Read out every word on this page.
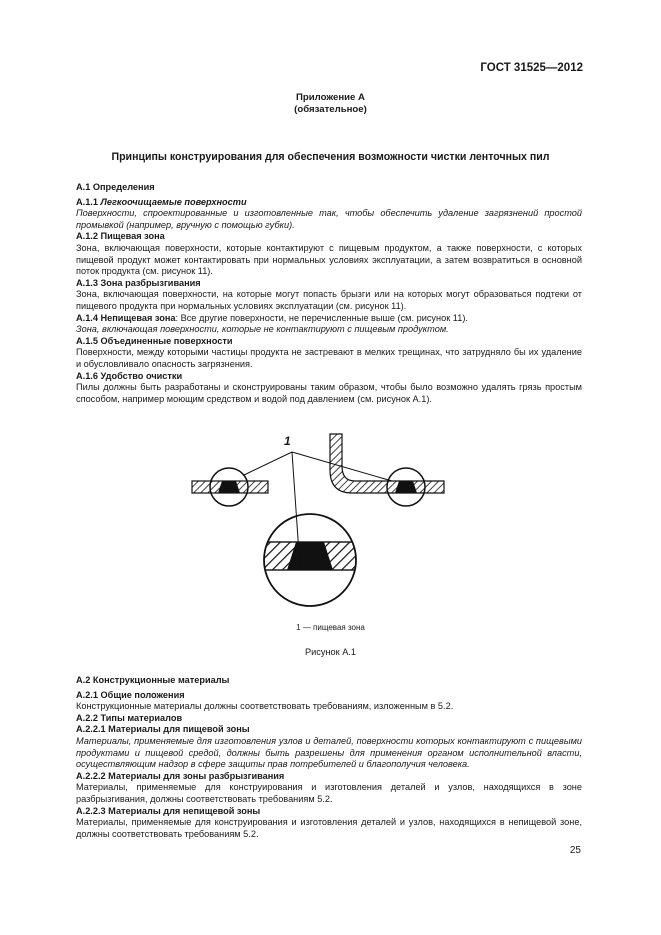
ГОСТ 31525—2012
Приложение А
(обязательное)
Принципы конструирования для обеспечения возможности чистки ленточных пил
А.1 Определения
А.1.1 Легкоочищаемые поверхности
Поверхности, спроектированные и изготовленные так, чтобы обеспечить удаление загрязнений простой промывкой (например, вручную с помощью губки).
А.1.2 Пищевая зона
Зона, включающая поверхности, которые контактируют с пищевым продуктом, а также поверхности, с которых пищевой продукт может контактировать при нормальных условиях эксплуатации, а затем возвратиться в основной поток продукта (см. рисунок 11).
А.1.3 Зона разбрызгивания
Зона, включающая поверхности, на которые могут попасть брызги или на которых могут образоваться подтеки от пищевого продукта при нормальных условиях эксплуатации (см. рисунок 11).
А.1.4 Непищевая зона: Все другие поверхности, не перечисленные выше (см. рисунок 11).
Зона, включающая поверхности, которые не контактируют с пищевым продуктом.
А.1.5 Объединенные поверхности
Поверхности, между которыми частицы продукта не застревают в мелких трещинах, что затрудняло бы их удаление и обусловливало опасность загрязнения.
А.1.6 Удобство очистки
Пилы должны быть разработаны и сконструированы таким образом, чтобы было возможно удалять грязь простым способом, например моющим средством и водой под давлением (см. рисунок А.1).
1
1 — пищевая зона
Рисунок А.1
А.2 Конструкционные материалы
А.2.1 Общие положения
Конструкционные материалы должны соответствовать требованиям, изложенным в 5.2.
А.2.2 Типы материалов
А.2.2.1 Материалы для пищевой зоны
Материалы, применяемые для изготовления узлов и деталей, поверхности которых контактируют с пищевыми продуктами и пищевой средой, должны быть разрешены для применения органом исполнительной власти, осуществляющим надзор в сфере защиты прав потребителей и благополучия человека.
А.2.2.2 Материалы для зоны разбрызгивания
Материалы, применяемые для конструирования и изготовления деталей и узлов, находящихся в зоне разбрызгивания, должны соответствовать требованиям 5.2.
А.2.2.3 Материалы для непищевой зоны
Материалы, применяемые для конструирования и изготовления деталей и узлов, находящихся в непищевой зоне, должны соответствовать требованиям 5.2.
25
